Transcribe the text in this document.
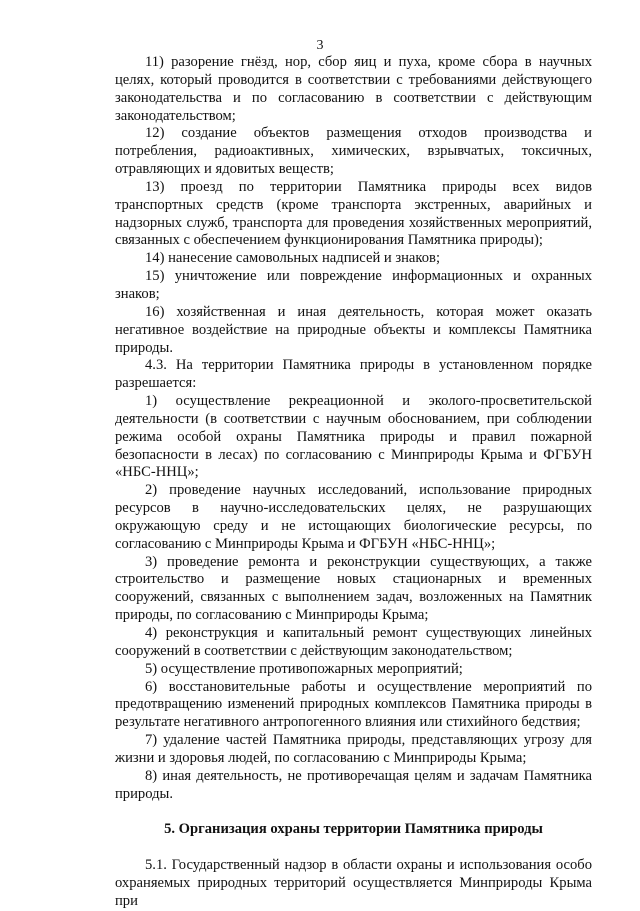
3

11) разорение гнёзд, нор, сбор яиц и пуха, кроме сбора в научных целях, который проводится в соответствии с требованиями действующего законодательства и по согласованию в соответствии с действующим законодательством;

12) создание объектов размещения отходов производства и потребления, радиоактивных, химических, взрывчатых, токсичных, отравляющих и ядовитых веществ;

13) проезд по территории Памятника природы всех видов транспортных средств (кроме транспорта экстренных, аварийных и надзорных служб, транспорта для проведения хозяйственных мероприятий, связанных с обеспечением функционирования Памятника природы);

14) нанесение самовольных надписей и знаков;

15) уничтожение или повреждение информационных и охранных знаков;

16) хозяйственная и иная деятельность, которая может оказать негативное воздействие на природные объекты и комплексы Памятника природы.

4.3. На территории Памятника природы в установленном порядке разрешается:

1) осуществление рекреационной и эколого-просветительской деятельности (в соответствии с научным обоснованием, при соблюдении режима особой охраны Памятника природы и правил пожарной безопасности в лесах) по согласованию с Минприроды Крыма и ФГБУН «НБС-ННЦ»;

2) проведение научных исследований, использование природных ресурсов в научно-исследовательских целях, не разрушающих окружающую среду и не истощающих биологические ресурсы, по согласованию с Минприроды Крыма и ФГБУН «НБС-ННЦ»;

3) проведение ремонта и реконструкции существующих, а также строительство и размещение новых стационарных и временных сооружений, связанных с выполнением задач, возложенных на Памятник природы, по согласованию с Минприроды Крыма;

4) реконструкция и капитальный ремонт существующих линейных сооружений в соответствии с действующим законодательством;

5) осуществление противопожарных мероприятий;

6) восстановительные работы и осуществление мероприятий по предотвращению изменений природных комплексов Памятника природы в результате негативного антропогенного влияния или стихийного бедствия;

7) удаление частей Памятника природы, представляющих угрозу для жизни и здоровья людей, по согласованию с Минприроды Крыма;

8) иная деятельность, не противоречащая целям и задачам Памятника природы.

5. Организация охраны территории Памятника природы

5.1. Государственный надзор в области охраны и использования особо охраняемых природных территорий осуществляется Минприроды Крыма при
